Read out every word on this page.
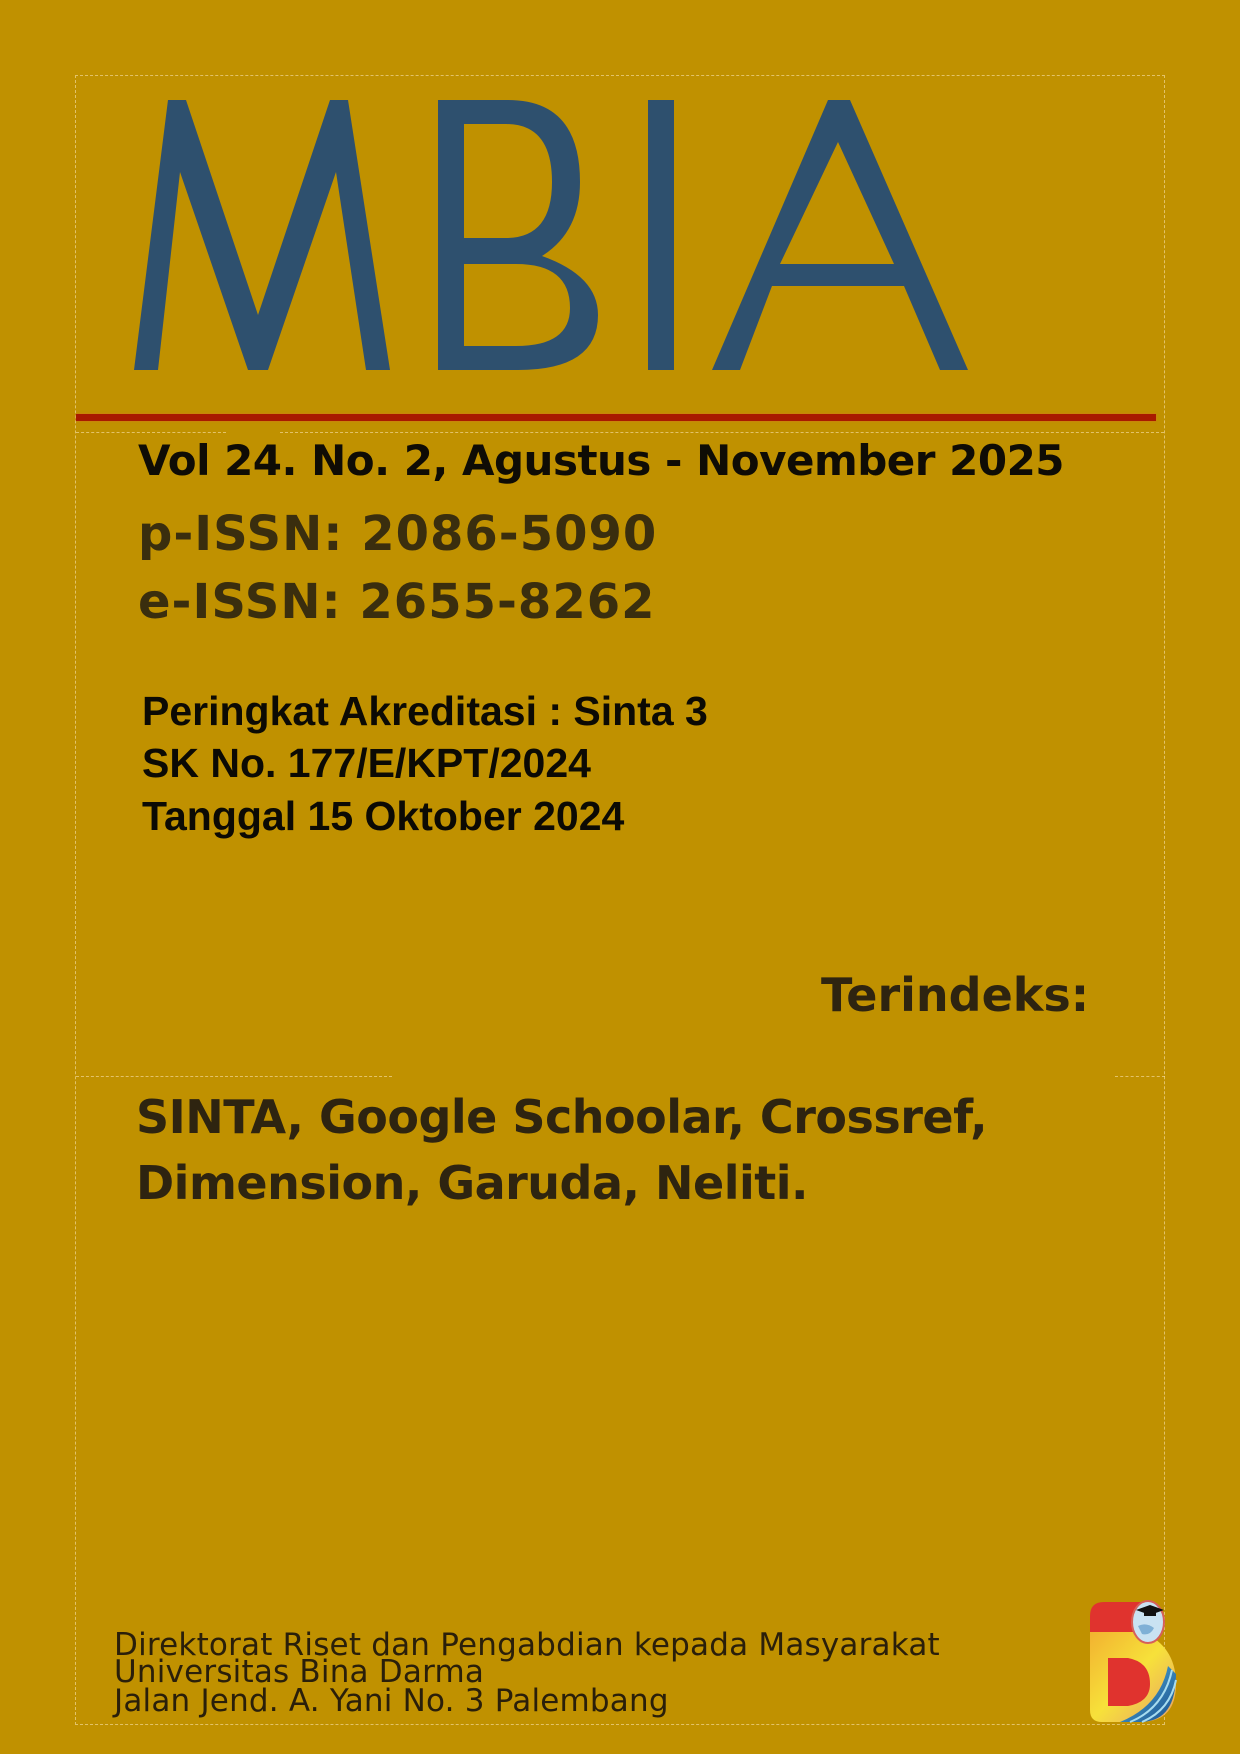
Vol 24. No. 2, Agustus - November 2025

p-ISSN: 2086-5090

e-ISSN: 2655-8262

Peringkat Akreditasi : Sinta 3

SK No. 177/E/KPT/2024

Tanggal 15 Oktober 2024

Terindeks:

SINTA, Google Schoolar, Crossref,

Dimension, Garuda, Neliti.

Direktorat Riset dan Pengabdian kepada Masyarakat

Universitas Bina Darma

Jalan Jend. A. Yani No. 3 Palembang
